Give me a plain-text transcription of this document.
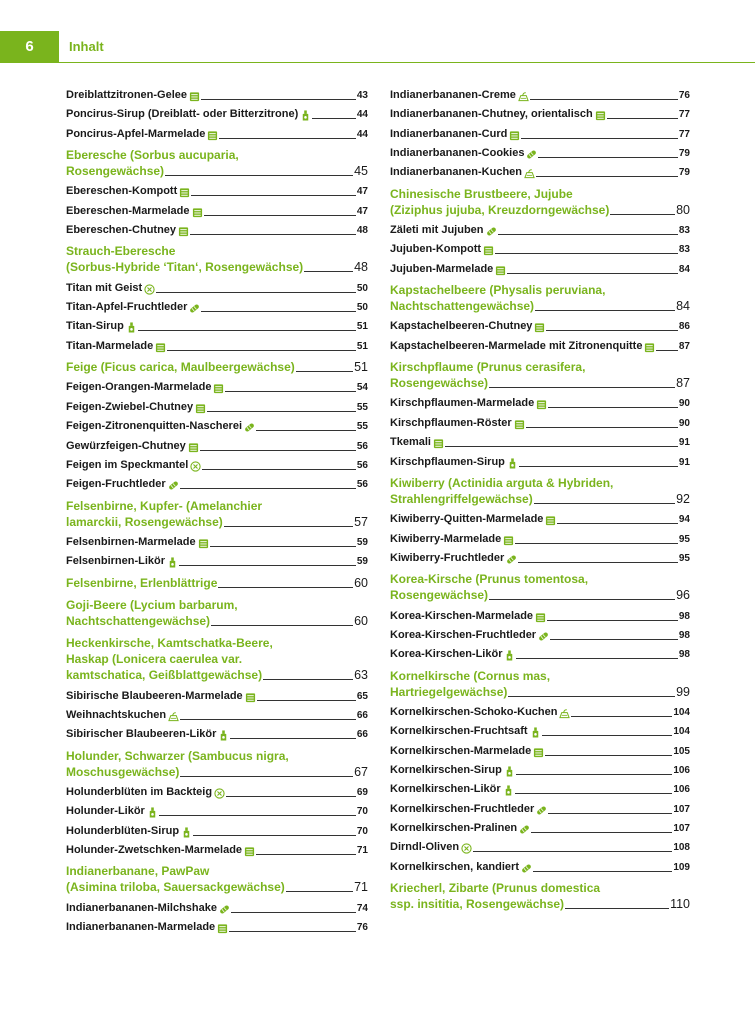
6	Inhalt
Dreiblattzitronen-Gelee	43
Poncirus-Sirup (Dreiblatt- oder Bitterzitrone)	44
Poncirus-Apfel-Marmelade	44
Eberesche (Sorbus aucuparia,
Rosengewächse)	45
Ebereschen-Kompott	47
Ebereschen-Marmelade	47
Ebereschen-Chutney	48
Strauch-Eberesche
(Sorbus-Hybride ‘Titan‘, Rosengewächse)	48
Titan mit Geist	50
Titan-Apfel-Fruchtleder	50
Titan-Sirup	51
Titan-Marmelade	51
Feige (Ficus carica, Maulbeergewächse)	51
Feigen-Orangen-Marmelade	54
Feigen-Zwiebel-Chutney	55
Feigen-Zitronenquitten-Nascherei	55
Gewürzfeigen-Chutney	56
Feigen im Speckmantel	56
Feigen-Fruchtleder	56
Felsenbirne, Kupfer- (Amelanchier
lamarckii, Rosengewächse)	57
Felsenbirnen-Marmelade	59
Felsenbirnen-Likör	59
Felsenbirne, Erlenblättrige	60
Goji-Beere (Lycium barbarum,
Nachtschattengewächse)	60
Heckenkirsche, Kamtschatka-Beere,
Haskap (Lonicera caerulea var.
kamtschatica, Geißblattgewächse)	63
Sibirische Blaubeeren-Marmelade	65
Weihnachtskuchen	66
Sibirischer Blaubeeren-Likör	66
Holunder, Schwarzer (Sambucus nigra,
Moschusgewächse)	67
Holunderblüten im Backteig	69
Holunder-Likör	70
Holunderblüten-Sirup	70
Holunder-Zwetschken-Marmelade	71
Indianerbanane, PawPaw
(Asimina triloba, Sauersackgewächse)	71
Indianerbananen-Milchshake	74
Indianerbananen-Marmelade	76
Indianerbananen-Creme	76
Indianerbananen-Chutney, orientalisch	77
Indianerbananen-Curd	77
Indianerbananen-Cookies	79
Indianerbananen-Kuchen	79
Chinesische Brustbeere, Jujube
(Ziziphus jujuba, Kreuzdorngewächse)	80
Zäleti mit Jujuben	83
Jujuben-Kompott	83
Jujuben-Marmelade	84
Kapstachelbeere (Physalis peruviana,
Nachtschattengewächse)	84
Kapstachelbeeren-Chutney	86
Kapstachelbeeren-Marmelade mit Zitronenquitte	87
Kirschpflaume (Prunus cerasifera,
Rosengewächse)	87
Kirschpflaumen-Marmelade	90
Kirschpflaumen-Röster	90
Tkemali	91
Kirschpflaumen-Sirup	91
Kiwiberry (Actinidia arguta & Hybriden,
Strahlengriffelgewächse)	92
Kiwiberry-Quitten-Marmelade	94
Kiwiberry-Marmelade	95
Kiwiberry-Fruchtleder	95
Korea-Kirsche (Prunus tomentosa,
Rosengewächse)	96
Korea-Kirschen-Marmelade	98
Korea-Kirschen-Fruchtleder	98
Korea-Kirschen-Likör	98
Kornelkirsche (Cornus mas,
Hartriegelgewächse)	99
Kornelkirschen-Schoko-Kuchen	104
Kornelkirschen-Fruchtsaft	104
Kornelkirschen-Marmelade	105
Kornelkirschen-Sirup	106
Kornelkirschen-Likör	106
Kornelkirschen-Fruchtleder	107
Kornelkirschen-Pralinen	107
Dirndl-Oliven	108
Kornelkirschen, kandiert	109
Kriecherl, Zibarte (Prunus domestica
ssp. insititia, Rosengewächse)	110
